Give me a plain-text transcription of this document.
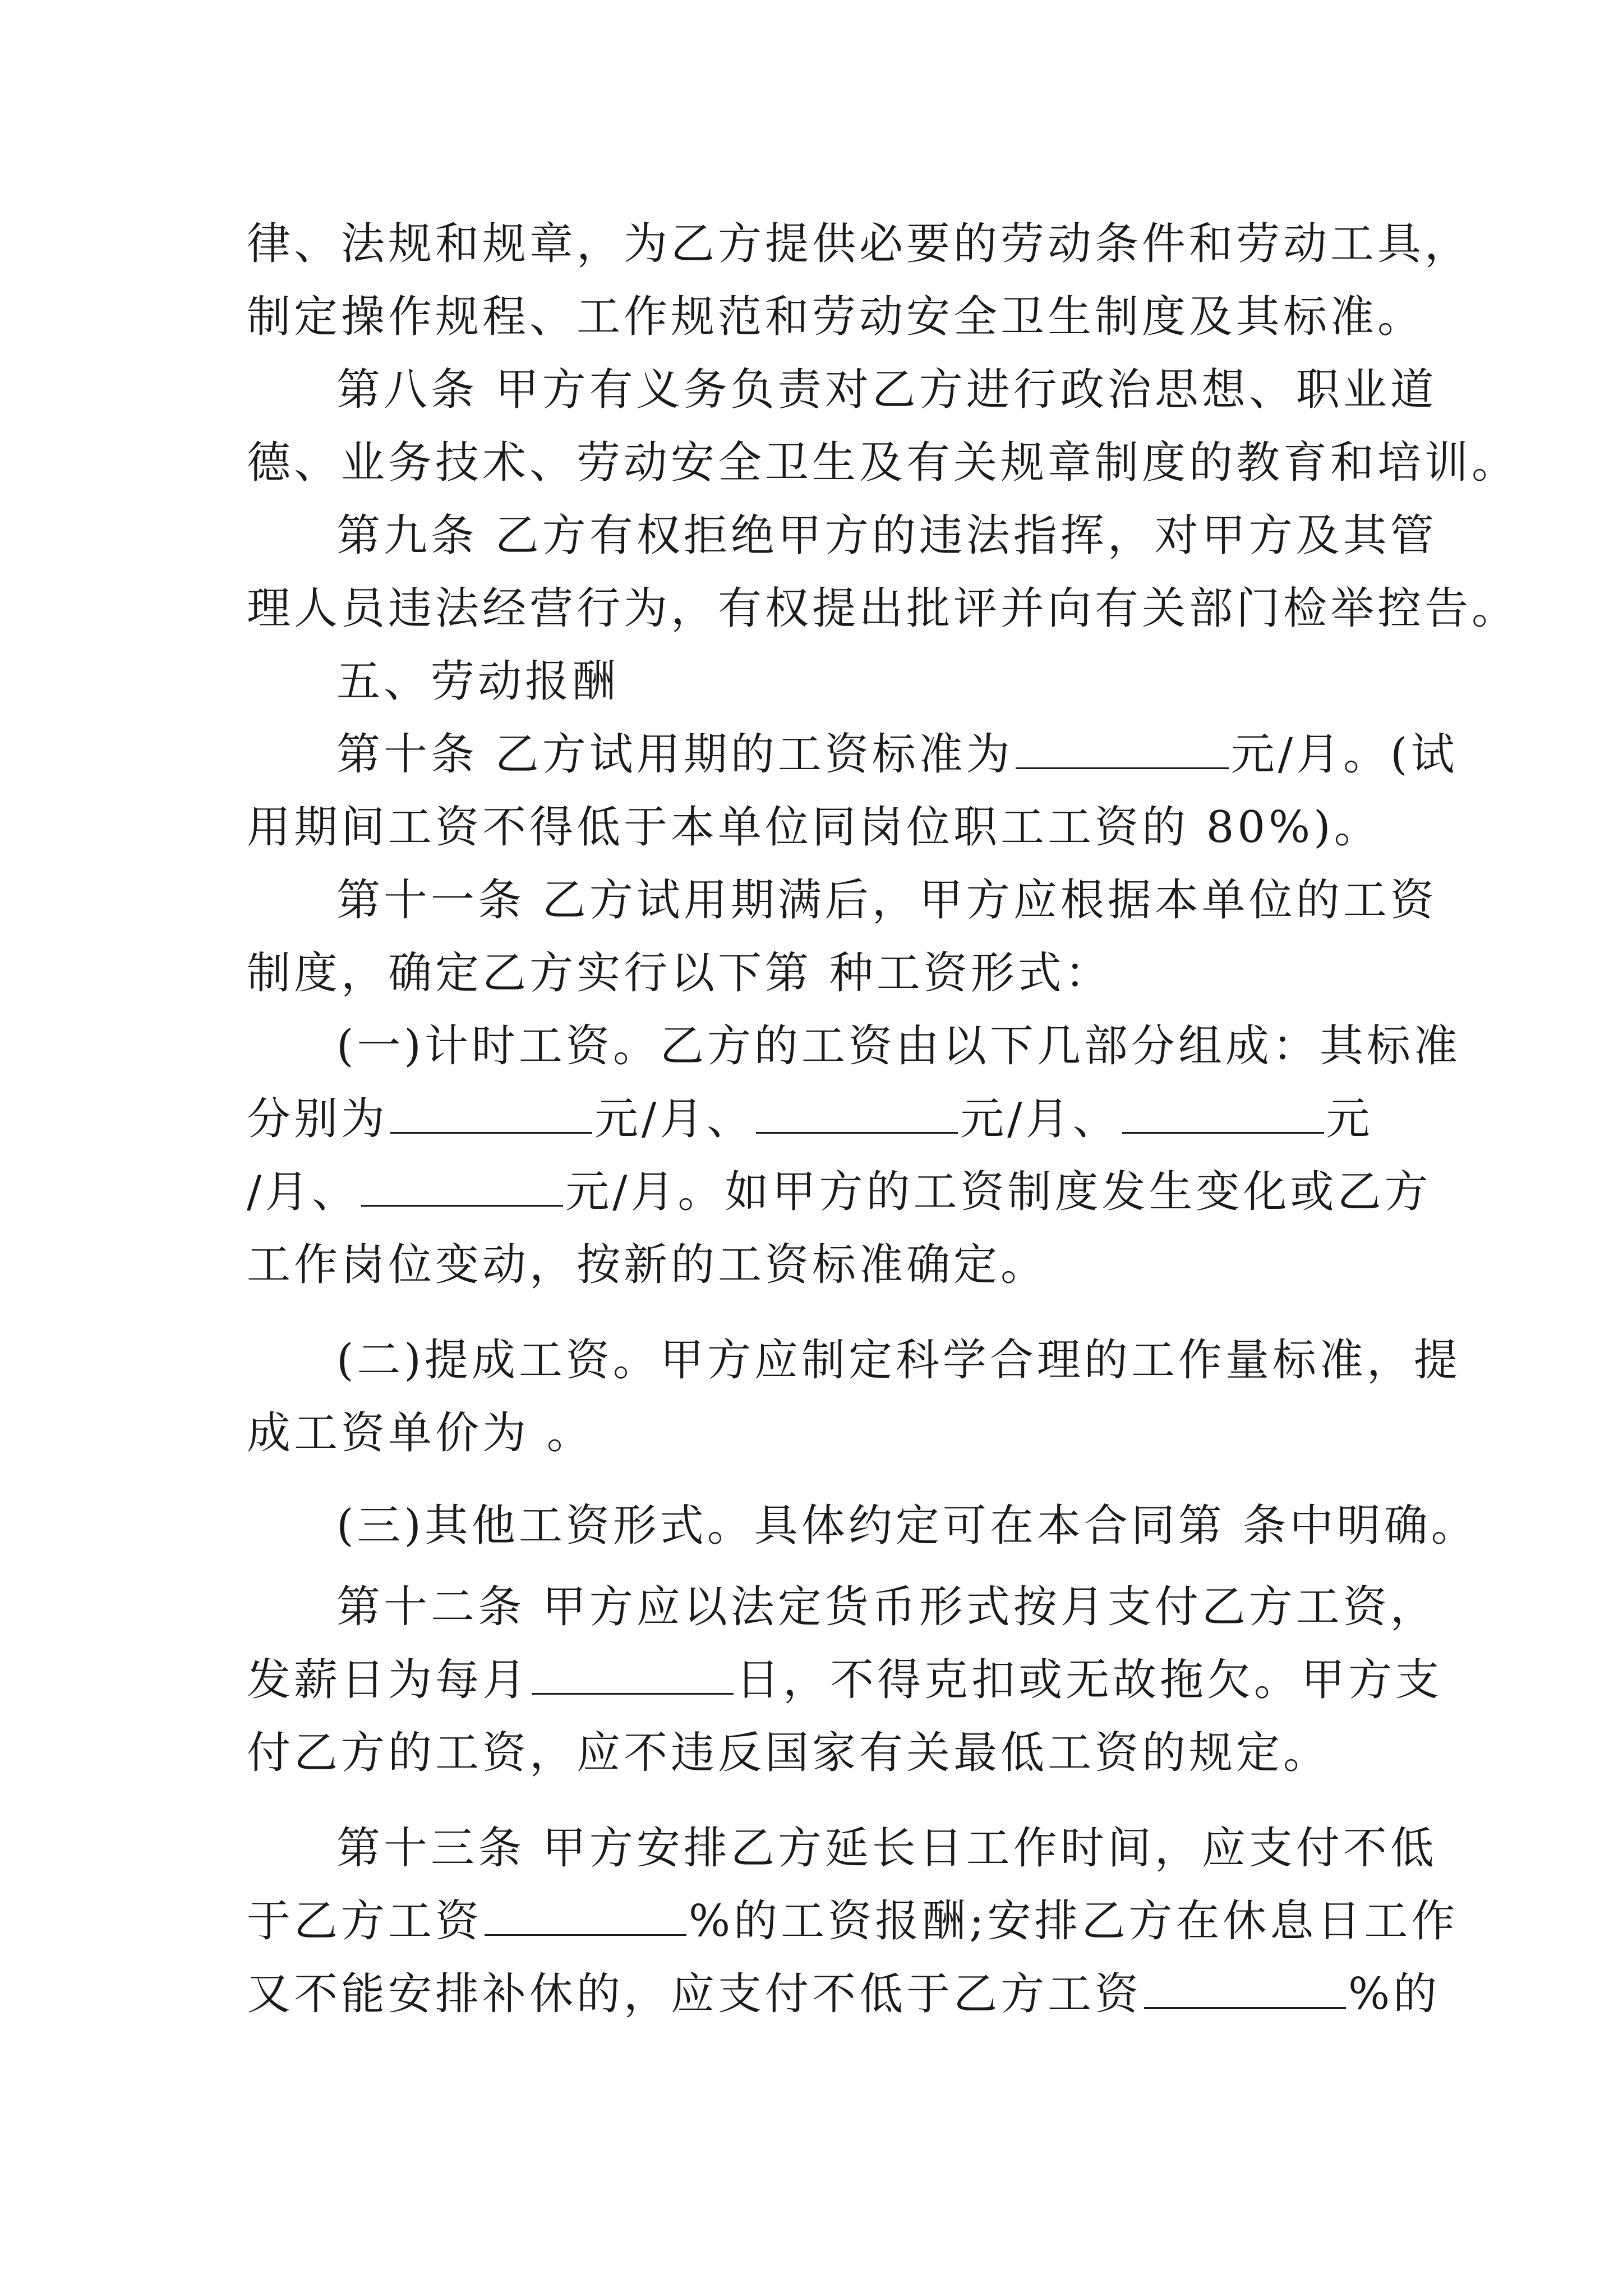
律、法规和规章，为乙方提供必要的劳动条件和劳动工具，
制定操作规程、工作规范和劳动安全卫生制度及其标准。
第八条 甲方有义务负责对乙方进行政治思想、职业道
德、业务技术、劳动安全卫生及有关规章制度的教育和培训。
第九条 乙方有权拒绝甲方的违法指挥，对甲方及其管
理人员违法经营行为，有权提出批评并向有关部门检举控告。
五、劳动报酬
第十条 乙方试用期的工资标准为	元/月。(试
用期间工资不得低于本单位同岗位职工工资的 80%)。
第十一条 乙方试用期满后，甲方应根据本单位的工资
制度，确定乙方实行以下第 种工资形式：
(一)计时工资。乙方的工资由以下几部分组成：其标准
分别为	元/月、	元/月、	元
/月、	元/月。如甲方的工资制度发生变化或乙方
工作岗位变动，按新的工资标准确定。
(二)提成工资。甲方应制定科学合理的工作量标准，提
成工资单价为 。
(三)其他工资形式。具体约定可在本合同第 条中明确。
第十二条 甲方应以法定货币形式按月支付乙方工资，
发薪日为每月	日，不得克扣或无故拖欠。甲方支
付乙方的工资，应不违反国家有关最低工资的规定。
第十三条 甲方安排乙方延长日工作时间，应支付不低
于乙方工资	%的工资报酬;安排乙方在休息日工作
又不能安排补休的，应支付不低于乙方工资	%的
